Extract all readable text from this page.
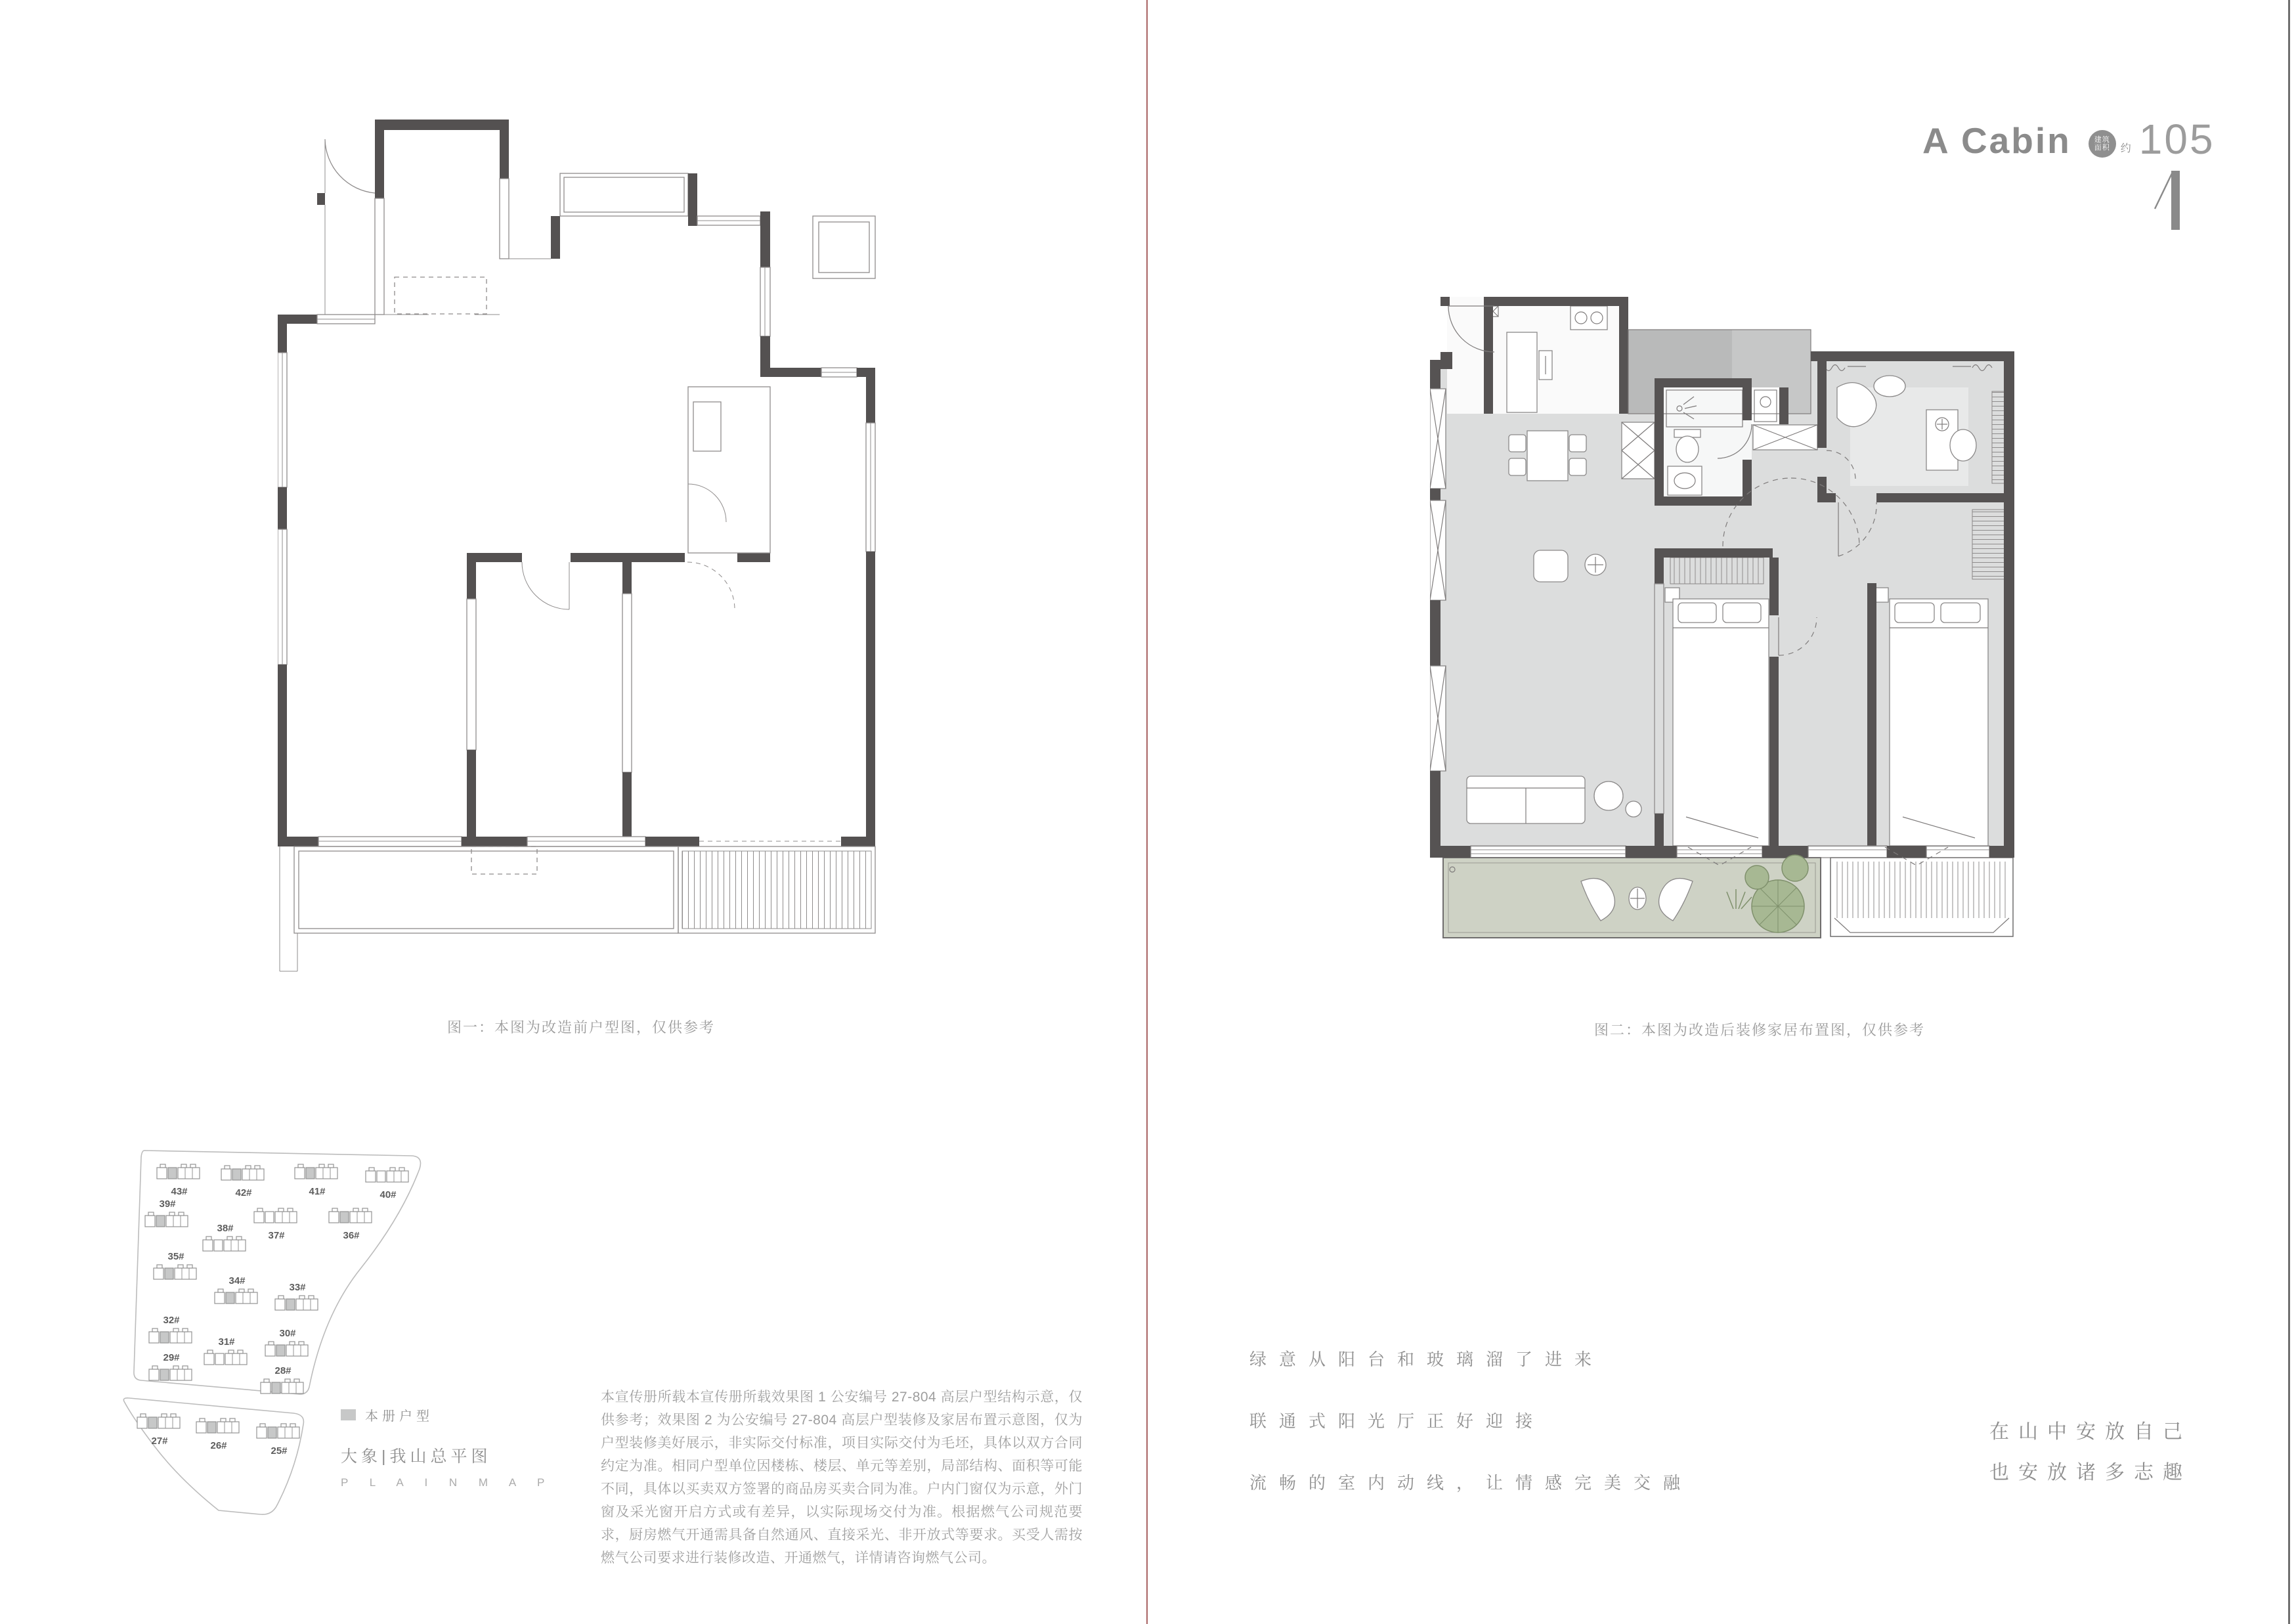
A Cabin	建筑
面积 约 105
图一：本图为改造前户型图，仅供参考	图二：本图为改造后装修家居布置图，仅供参考
43#	42#	41#	40#
39#
38#
37#	36#
35#
34#
33#
32#
31#
30#
29#
28#
27#	26#	25#
本册户型
大象|我山总平图
P L A I N M A P
本宣传册所载本宣传册所载效果图 1 公安编号 27-804 高层户型结构示意，仅供参考；效果图 2 为公安编号 27-804 高层户型装修及家居布置示意图，仅为户型装修美好展示，非实际交付标准，项目实际交付为毛坯，具体以双方合同约定为准。相同户型单位因楼栋、楼层、单元等差别，局部结构、面积等可能不同，具体以买卖双方签署的商品房买卖合同为准。户内门窗仅为示意，外门窗及采光窗开启方式或有差异，以实际现场交付为准。根据燃气公司规范要求，厨房燃气开通需具备自然通风、直接采光、非开放式等要求。买受人需按燃气公司要求进行装修改造、开通燃气，详情请咨询燃气公司。
绿意从阳台和玻璃溜了进来
联通式阳光厅正好迎接
流畅的室内动线，让情感完美交融
在山中安放自己
也安放诸多志趣
